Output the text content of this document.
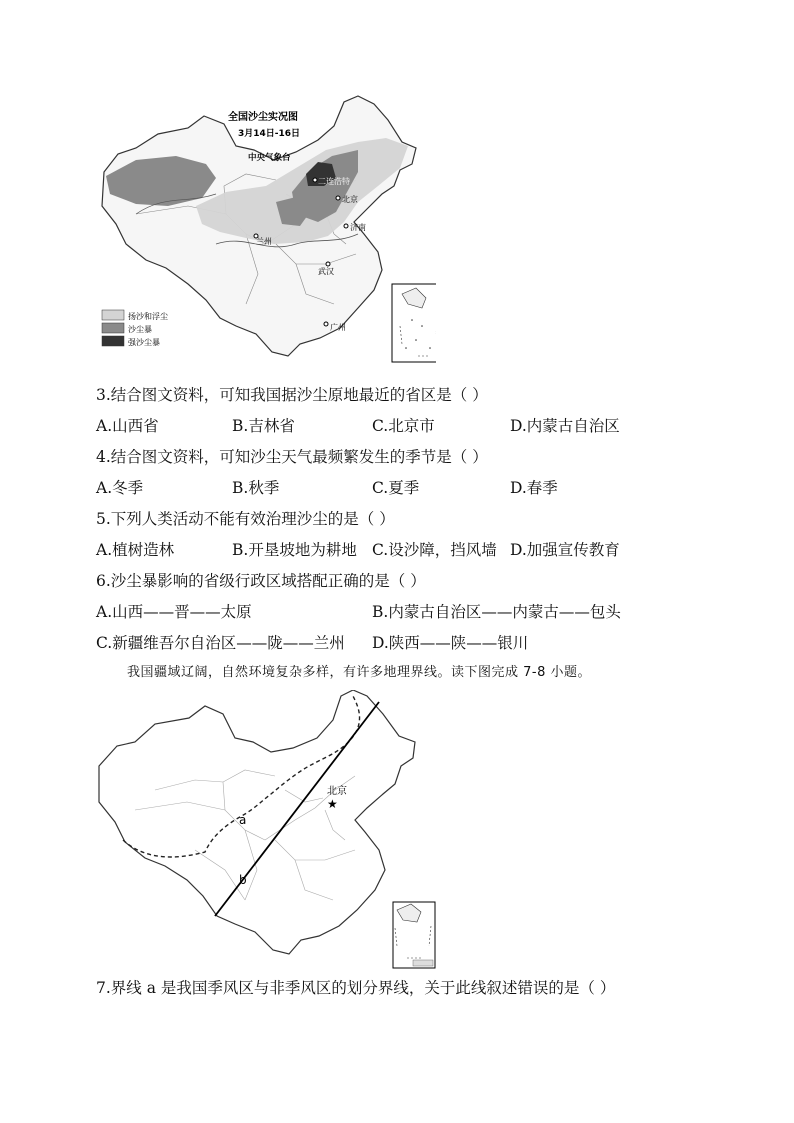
全国沙尘实况图
3月14日-16日
中央气象台
二连浩特
北京
济南
兰州
武汉
广州
扬沙和浮尘
沙尘暴
强沙尘暴
3.结合图文资料，可知我国据沙尘原地最近的省区是（ ）
A.山西省	B.吉林省	C.北京市	D.内蒙古自治区
4.结合图文资料，可知沙尘天气最频繁发生的季节是（ ）
A.冬季	B.秋季	C.夏季	D.春季
5.下列人类活动不能有效治理沙尘的是（ ）
A.植树造林	B.开垦坡地为耕地 C.设沙障，挡风墙 D.加强宣传教育
6.沙尘暴影响的省级行政区域搭配正确的是（ ）
A.山西——晋——太原	B.内蒙古自治区——内蒙古——包头
C.新疆维吾尔自治区——陇——兰州 D.陕西——陕——银川
我国疆域辽阔，自然环境复杂多样，有许多地理界线。读下图完成 7-8 小题。
a
b
北京
★
7.界线 a 是我国季风区与非季风区的划分界线，关于此线叙述错误的是（ ）
